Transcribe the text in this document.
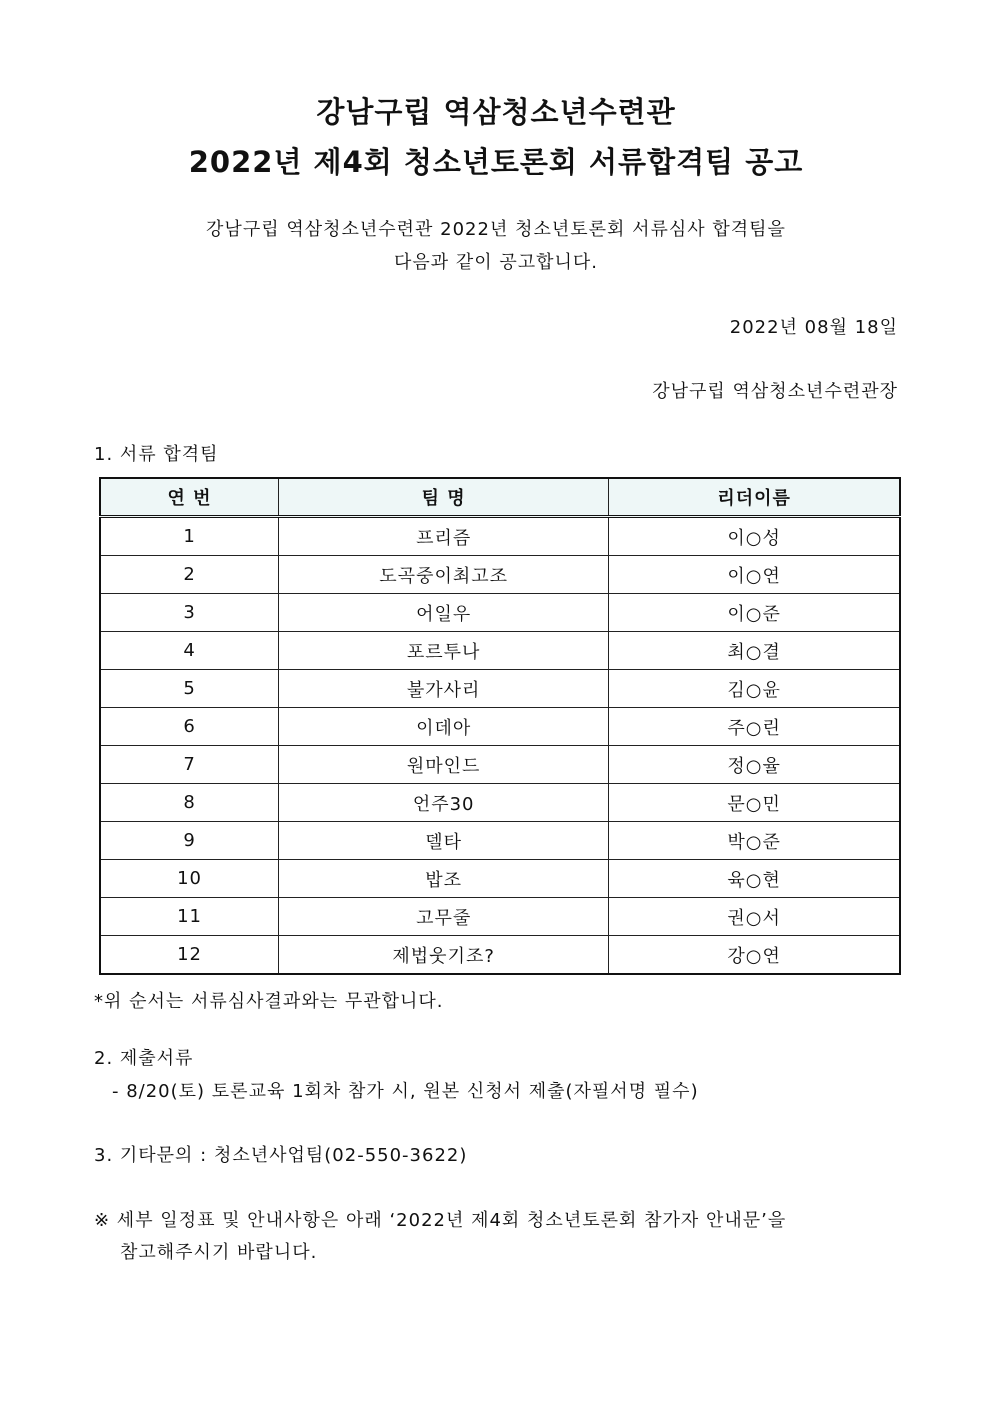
강남구립 역삼청소년수련관
2022년 제4회 청소년토론회 서류합격팀 공고

강남구립 역삼청소년수련관 2022년 청소년토론회 서류심사 합격팀을

다음과 같이 공고합니다.

2022년 08월 18일

강남구립 역삼청소년수련관장

1. 서류 합격팀

연 번	팀 명	리더이름
1	프리즘	이○성
2	도곡중이최고조	이○연
3	어일우	이○준
4	포르투나	최○결
5	불가사리	김○윤
6	이데아	주○린
7	원마인드	정○율
8	언주30	문○민
9	델타	박○준
10	밥조	육○현
11	고무줄	권○서
12	제법웃기조?	강○연

*위 순서는 서류심사결과와는 무관합니다.

2. 제출서류

- 8/20(토) 토론교육 1회차 참가 시, 원본 신청서 제출(자필서명 필수)

3. 기타문의 : 청소년사업팀(02-550-3622)

※ 세부 일정표 및 안내사항은 아래 ‘2022년 제4회 청소년토론회 참가자 안내문’을

참고해주시기 바랍니다.
